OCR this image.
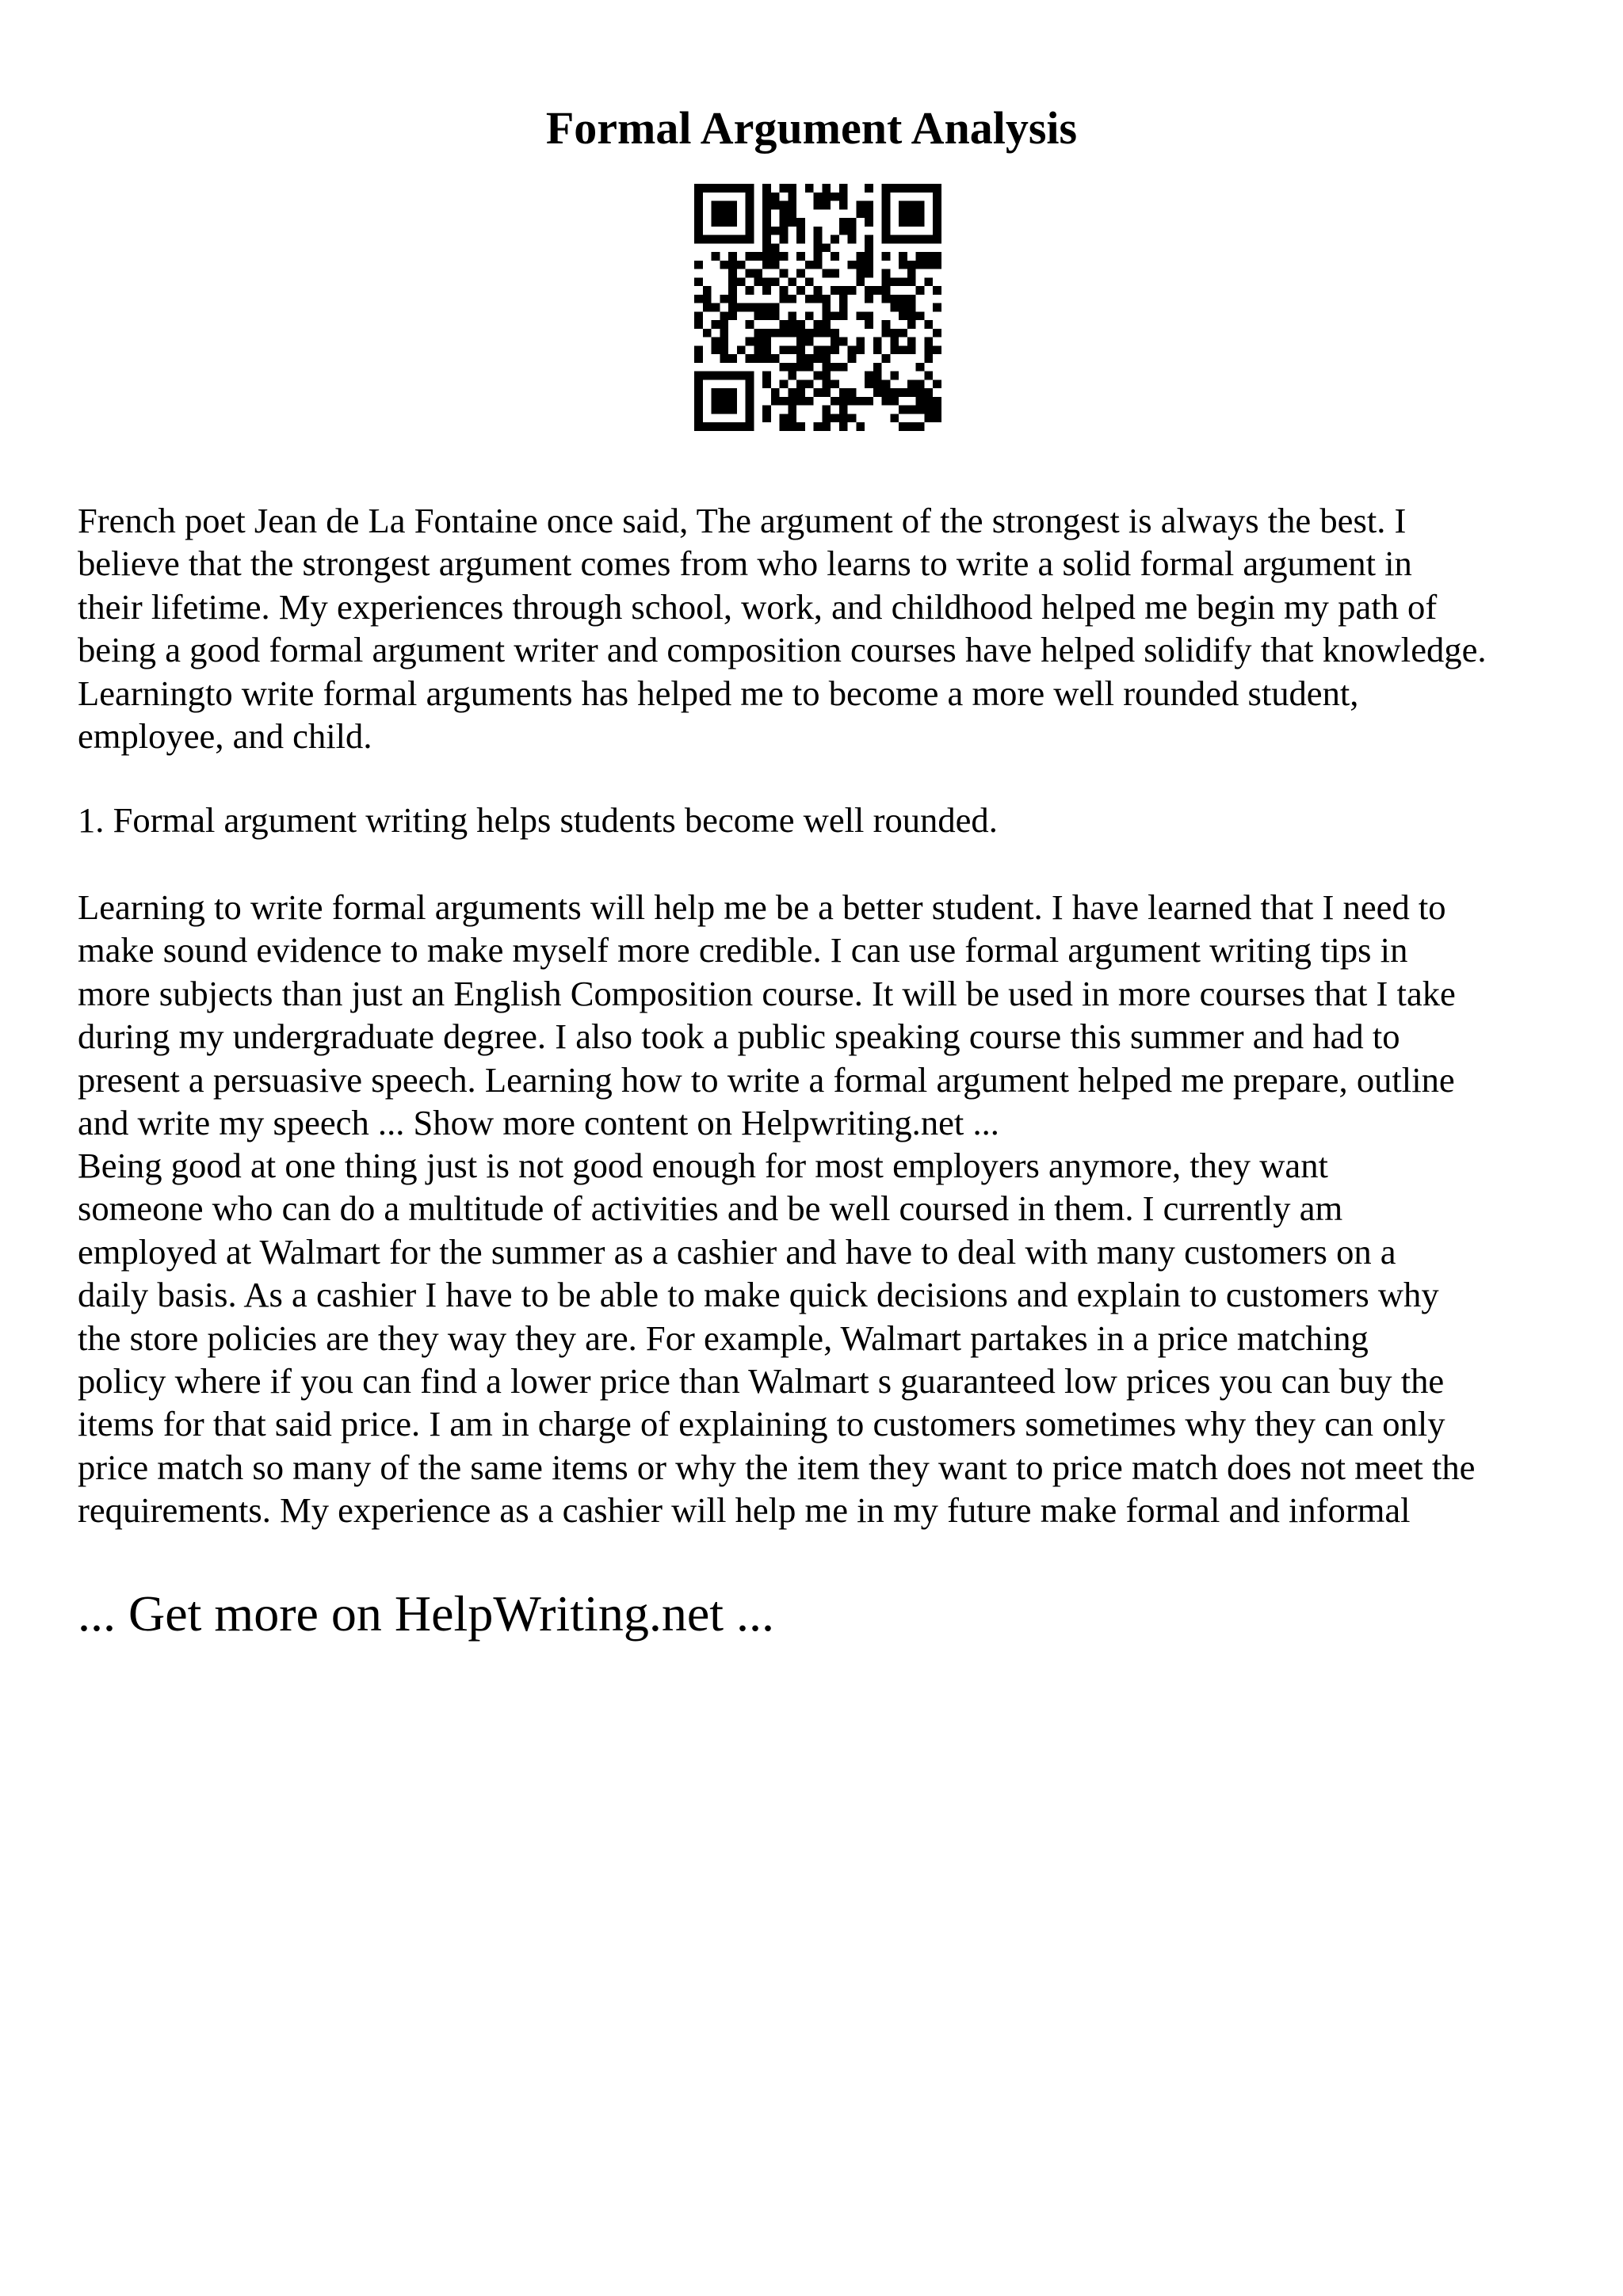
Formal Argument Analysis
French poet Jean de La Fontaine once said, The argument of the strongest is always the best. I
believe that the strongest argument comes from who learns to write a solid formal argument in
their lifetime. My experiences through school, work, and childhood helped me begin my path of
being a good formal argument writer and composition courses have helped solidify that knowledge.
Learningto write formal arguments has helped me to become a more well rounded student,
employee, and child.
1. Formal argument writing helps students become well rounded.
Learning to write formal arguments will help me be a better student. I have learned that I need to
make sound evidence to make myself more credible. I can use formal argument writing tips in
more subjects than just an English Composition course. It will be used in more courses that I take
during my undergraduate degree. I also took a public speaking course this summer and had to
present a persuasive speech. Learning how to write a formal argument helped me prepare, outline
and write my speech ... Show more content on Helpwriting.net ...
Being good at one thing just is not good enough for most employers anymore, they want
someone who can do a multitude of activities and be well coursed in them. I currently am
employed at Walmart for the summer as a cashier and have to deal with many customers on a
daily basis. As a cashier I have to be able to make quick decisions and explain to customers why
the store policies are they way they are. For example, Walmart partakes in a price matching
policy where if you can find a lower price than Walmart s guaranteed low prices you can buy the
items for that said price. I am in charge of explaining to customers sometimes why they can only
price match so many of the same items or why the item they want to price match does not meet the
requirements. My experience as a cashier will help me in my future make formal and informal

... Get more on HelpWriting.net ...
